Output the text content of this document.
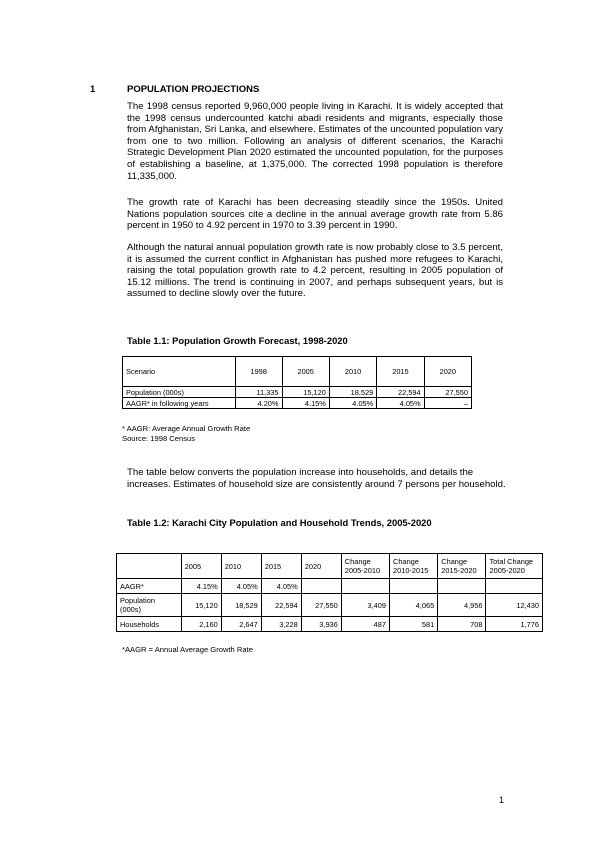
1	POPULATION PROJECTIONS

The 1998 census reported 9,960,000 people living in Karachi. It is widely accepted that the 1998 census undercounted katchi abadi residents and migrants, especially those from Afghanistan, Sri Lanka, and elsewhere. Estimates of the uncounted population vary from one to two million. Following an analysis of different scenarios, the Karachi Strategic Development Plan 2020 estimated the uncounted population, for the purposes of establishing a baseline, at 1,375,000. The corrected 1998 population is therefore 11,335,000.

The growth rate of Karachi has been decreasing steadily since the 1950s. United Nations population sources cite a decline in the annual average growth rate from 5.86 percent in 1950 to 4.92 percent in 1970 to 3.39 percent in 1990.

Although the natural annual population growth rate is now probably close to 3.5 percent, it is assumed the current conflict in Afghanistan has pushed more refugees to Karachi, raising the total population growth rate to 4.2 percent, resulting in 2005 population of 15.12 millions. The trend is continuing in 2007, and perhaps subsequent years, but is assumed to decline slowly over the future.

Table 1.1: Population Growth Forecast, 1998-2020
Scenario	1998	2005	2010	2015	2020
Population (000s)	11,335	15,120	18,529	22,594	27,550
AAGR* in following years	4.20%	4.15%	4.05%	4.05%	–

* AAGR: Average Annual Growth Rate

Source: 1998 Census

The table below converts the population increase into households, and details the increases. Estimates of household size are consistently around 7 persons per household.

Table 1.2: Karachi City Population and Household Trends, 2005-2020
	2005	2010	2015	2020	Change 2005-2010	Change 2010-2015	Change 2015-2020	Total Change 2005-2020
AAGR*	4.15%	4.05%	4.05%					
Population (000s)	15,120	18,529	22,594	27,550	3,409	4,065	4,956	12,430
Households	2,160	2,647	3,228	3,936	487	581	708	1,776

*AAGR = Annual Average Growth Rate

1
